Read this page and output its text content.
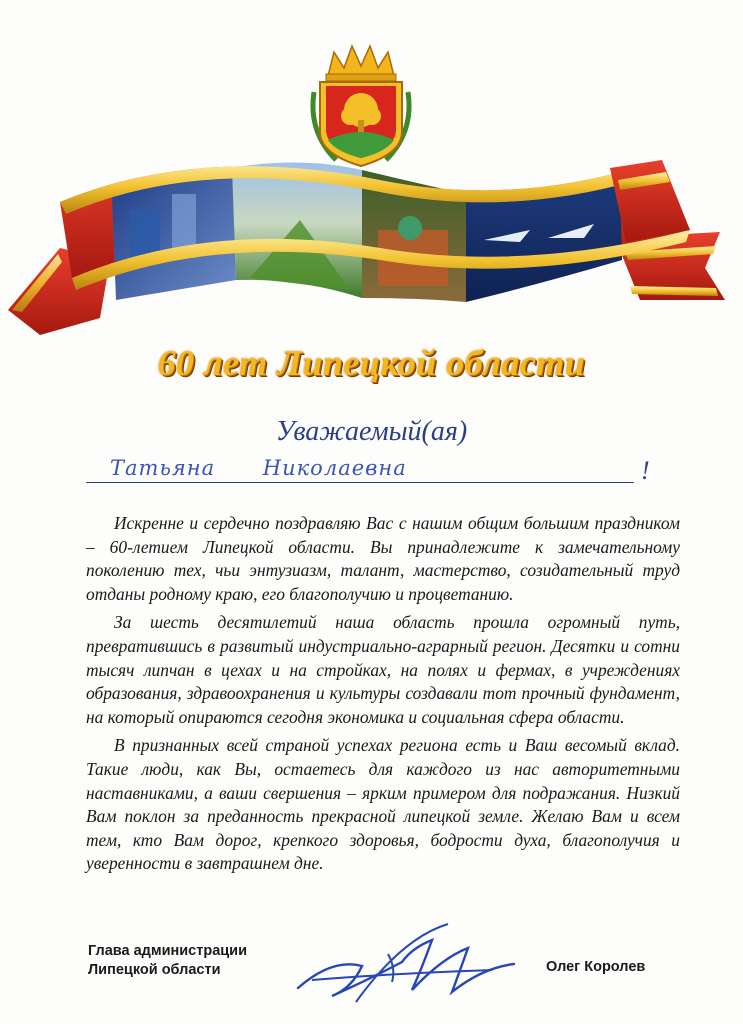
60 лет Липецкой области
Уважаемый(ая)
Татьяна Николаевна	!

Искренне и сердечно поздравляю Вас с нашим общим большим праздником – 60-летием Липецкой области. Вы принадлежите к замечательному поколению тех, чьи энтузиазм, талант, мастерство, созидательный труд отданы родному краю, его благополучию и процветанию.

За шесть десятилетий наша область прошла огромный путь, превратившись в развитый индустриально-аграрный регион. Десятки и сотни тысяч липчан в цехах и на стройках, на полях и фермах, в учреждениях образования, здравоохранения и культуры создавали тот прочный фундамент, на который опираются сегодня экономика и социальная сфера области.

В признанных всей страной успехах региона есть и Ваш весомый вклад. Такие люди, как Вы, остаетесь для каждого из нас авторитетными наставниками, а ваши свершения – ярким примером для подражания. Низкий Вам поклон за преданность прекрасной липецкой земле. Желаю Вам и всем тем, кто Вам дорог, крепкого здоровья, бодрости духа, благополучия и уверенности в завтрашнем дне.

Глава администрации
Липецкой области	Олег Королев
